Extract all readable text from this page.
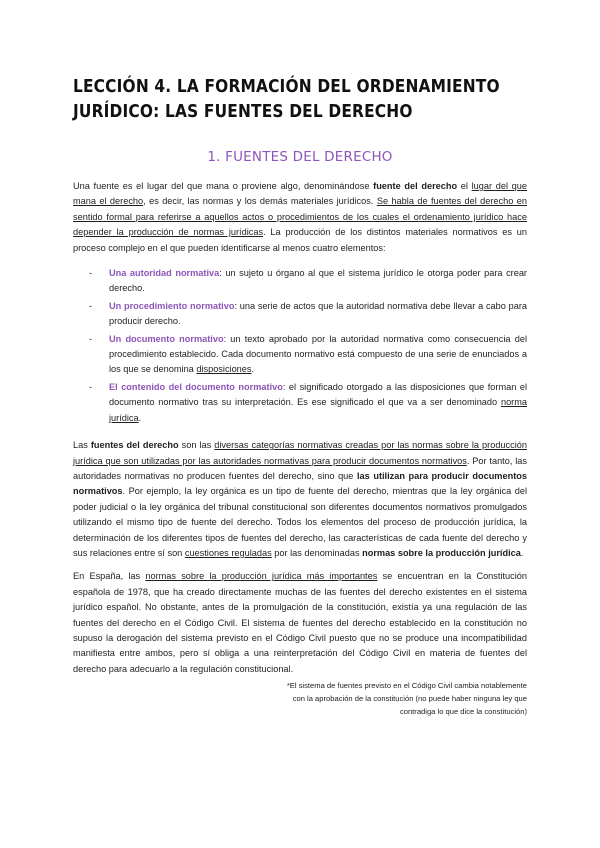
LECCIÓN 4. LA FORMACIÓN DEL ORDENAMIENTO JURÍDICO: LAS FUENTES DEL DERECHO
1. FUENTES DEL DERECHO

Una fuente es el lugar del que mana o proviene algo, denominándose fuente del derecho el lugar del que mana el derecho, es decir, las normas y los demás materiales jurídicos. Se habla de fuentes del derecho en sentido formal para referirse a aquellos actos o procedimientos de los cuales el ordenamiento jurídico hace depender la producción de normas jurídicas. La producción de los distintos materiales normativos es un proceso complejo en el que pueden identificarse al menos cuatro elementos:

- Una autoridad normativa: un sujeto u órgano al que el sistema jurídico le otorga poder para crear derecho.
- Un procedimiento normativo: una serie de actos que la autoridad normativa debe llevar a cabo para producir derecho.
- Un documento normativo: un texto aprobado por la autoridad normativa como consecuencia del procedimiento establecido. Cada documento normativo está compuesto de una serie de enunciados a los que se denomina disposiciones.
- El contenido del documento normativo: el significado otorgado a las disposiciones que forman el documento normativo tras su interpretación. Es ese significado el que va a ser denominado norma jurídica.

Las fuentes del derecho son las diversas categorías normativas creadas por las normas sobre la producción jurídica que son utilizadas por las autoridades normativas para producir documentos normativos. Por tanto, las autoridades normativas no producen fuentes del derecho, sino que las utilizan para producir documentos normativos. Por ejemplo, la ley orgánica es un tipo de fuente del derecho, mientras que la ley orgánica del poder judicial o la ley orgánica del tribunal constitucional son diferentes documentos normativos promulgados utilizando el mismo tipo de fuente del derecho. Todos los elementos del proceso de producción jurídica, la determinación de los diferentes tipos de fuentes del derecho, las características de cada fuente del derecho y sus relaciones entre sí son cuestiones reguladas por las denominadas normas sobre la producción jurídica.

En España, las normas sobre la producción jurídica más importantes se encuentran en la Constitución española de 1978, que ha creado directamente muchas de las fuentes del derecho existentes en el sistema jurídico español. No obstante, antes de la promulgación de la constitución, existía ya una regulación de las fuentes del derecho en el Código Civil. El sistema de fuentes del derecho establecido en la constitución no supuso la derogación del sistema previsto en el Código Civil puesto que no se produce una incompatibilidad manifiesta entre ambos, pero sí obliga a una reinterpretación del Código Civil en materia de fuentes del derecho para adecuarlo a la regulación constitucional.

*El sistema de fuentes previsto en el Código Civil cambia notablemente
con la aprobación de la constitución (no puede haber ninguna ley que
contradiga lo que dice la constitución)
